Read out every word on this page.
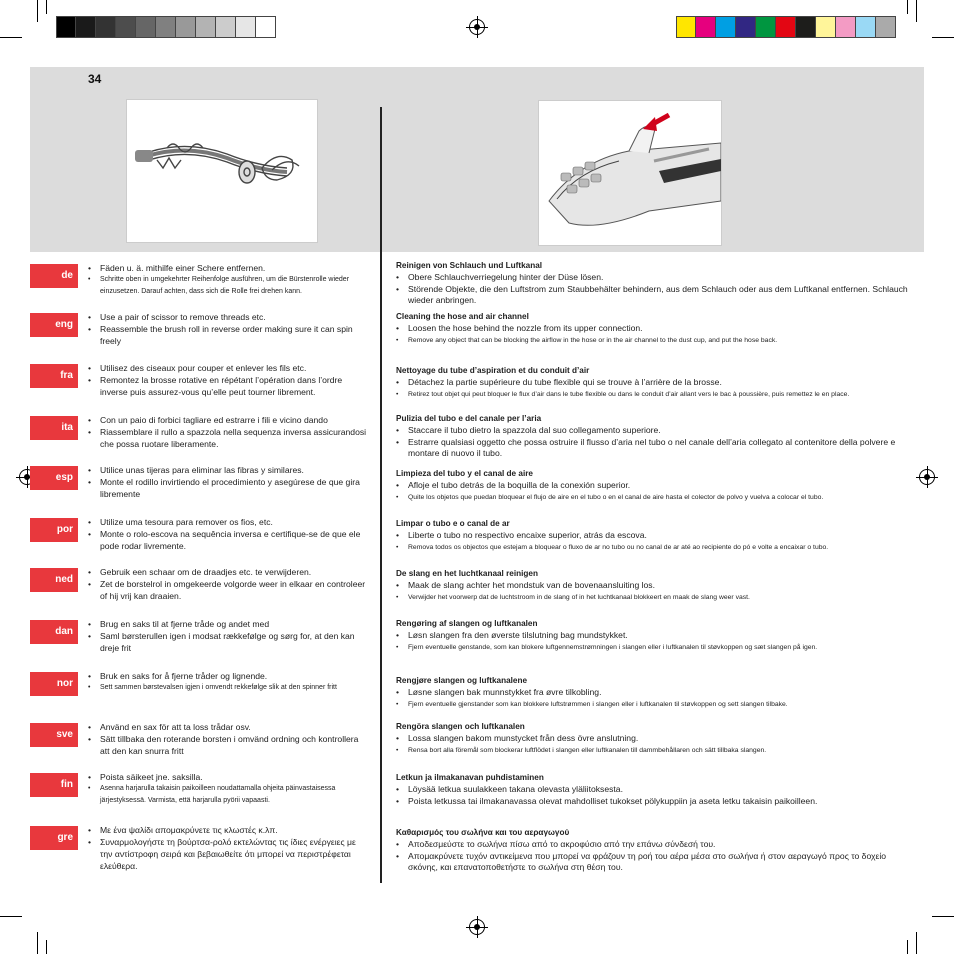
34
de
• Fäden u. ä. mithilfe einer Schere entfernen.
• Schritte oben in umgekehrter Reihenfolge ausführen, um die Bürstenrolle wieder einzusetzen. Darauf achten, dass sich die Rolle frei drehen kann.
eng
• Use a pair of scissor to remove threads etc.
• Reassemble the brush roll in reverse order making sure it can spin freely
fra
• Utilisez des ciseaux pour couper et enlever les fils etc.
• Remontez la brosse rotative en répétant l’opération dans l’ordre inverse puis assurez-vous qu’elle peut tourner librement.
ita
• Con un paio di forbici tagliare ed estrarre i fili e vicino dando
• Riassemblare il rullo a spazzola nella sequenza inversa assicurandosi che possa ruotare liberamente.
esp
• Utilice unas tijeras para eliminar las fibras y similares.
• Monte el rodillo invirtiendo el procedimiento y asegúrese de que gira libremente
por
• Utilize uma tesoura para remover os fios, etc.
• Monte o rolo-escova na sequência inversa e certifique-se de que ele pode rodar livremente.
ned
• Gebruik een schaar om de draadjes etc. te verwijderen.
• Zet de borstelrol in omgekeerde volgorde weer in elkaar en controleer of hij vrij kan draaien.
dan
• Brug en saks til at fjerne tråde og andet med
• Saml børsterullen igen i modsat rækkefølge og sørg for, at den kan dreje frit
nor
• Bruk en saks for å fjerne tråder og lignende.
• Sett sammen børstevalsen igjen i omvendt rekkefølge slik at den spinner fritt
sve
• Använd en sax för att ta loss trådar osv.
• Sätt tillbaka den roterande borsten i omvänd ordning och kontrollera att den kan snurra fritt
fin
• Poista säikeet jne. saksilla.
• Asenna harjarulla takaisin paikoilleen noudattamalla ohjeita päinvastaisessa järjestyksessä. Varmista, että harjarulla pyörii vapaasti.
gre
• Με ένα ψαλίδι απομακρύνετε τις κλωστές κ.λπ.
• Συναρμολογήστε τη βούρτσα-ρολό εκτελώντας τις ίδιες ενέργειες με την αντίστροφη σειρά και βεβαιωθείτε ότι μπορεί να περιστρέφεται ελεύθερα.
Reinigen von Schlauch und Luftkanal
• Obere Schlauchverriegelung hinter der Düse lösen.
• Störende Objekte, die den Luftstrom zum Staubbehälter behindern, aus dem Schlauch oder aus dem Luftkanal entfernen. Schlauch wieder anbringen.
Cleaning the hose and air channel
• Loosen the hose behind the nozzle from its upper connection.
• Remove any object that can be blocking the airflow in the hose or in the air channel to the dust cup, and put the hose back.
Nettoyage du tube d’aspiration et du conduit d’air
• Détachez la partie supérieure du tube flexible qui se trouve à l’arrière de la brosse.
• Retirez tout objet qui peut bloquer le flux d’air dans le tube flexible ou dans le conduit d’air allant vers le bac à poussière, puis remettez le en place.
Pulizia del tubo e del canale per l’aria
• Staccare il tubo dietro la spazzola dal suo collegamento superiore.
• Estrarre qualsiasi oggetto che possa ostruire il flusso d’aria nel tubo o nel canale dell’aria collegato al contenitore della polvere e montare di nuovo il tubo.
Limpieza del tubo y el canal de aire
• Afloje el tubo detrás de la boquilla de la conexión superior.
• Quite los objetos que puedan bloquear el flujo de aire en el tubo o en el canal de aire hasta el colector de polvo y vuelva a colocar el tubo.
Limpar o tubo e o canal de ar
• Liberte o tubo no respectivo encaixe superior, atrás da escova.
• Remova todos os objectos que estejam a bloquear o fluxo de ar no tubo ou no canal de ar até ao recipiente do pó e volte a encaixar o tubo.
De slang en het luchtkanaal reinigen
• Maak de slang achter het mondstuk van de bovenaansluiting los.
• Verwijder het voorwerp dat de luchtstroom in de slang of in het luchtkanaal blokkeert en maak de slang weer vast.
Rengøring af slangen og luftkanalen
• Løsn slangen fra den øverste tilslutning bag mundstykket.
• Fjern eventuelle genstande, som kan blokere luftgennemstrømningen i slangen eller i luftkanalen til støvkoppen og sæt slangen på igen.
Rengjøre slangen og luftkanalene
• Løsne slangen bak munnstykket fra øvre tilkobling.
• Fjern eventuelle gjenstander som kan blokkere luftstrømmen i slangen eller i luftkanalen til støvkoppen og sett slangen tilbake.
Rengöra slangen och luftkanalen
• Lossa slangen bakom munstycket från dess övre anslutning.
• Rensa bort alla föremål som blockerar luftflödet i slangen eller luftkanalen till dammbehållaren och sätt tillbaka slangen.
Letkun ja ilmakanavan puhdistaminen
• Löysää letkua suulakkeen takana olevasta yläliitoksesta.
• Poista letkussa tai ilmakanavassa olevat mahdolliset tukokset pölykuppiin ja aseta letku takaisin paikoilleen.
Καθαρισμός του σωλήνα και του αεραγωγού
• Αποδεσμεύστε το σωλήνα πίσω από το ακροφύσιο από την επάνω σύνδεσή του.
• Απομακρύνετε τυχόν αντικείμενα που μπορεί να φράζουν τη ροή του αέρα μέσα στο σωλήνα ή στον αεραγωγό προς το δοχείο σκόνης, και επανατοποθετήστε το σωλήνα στη θέση του.
